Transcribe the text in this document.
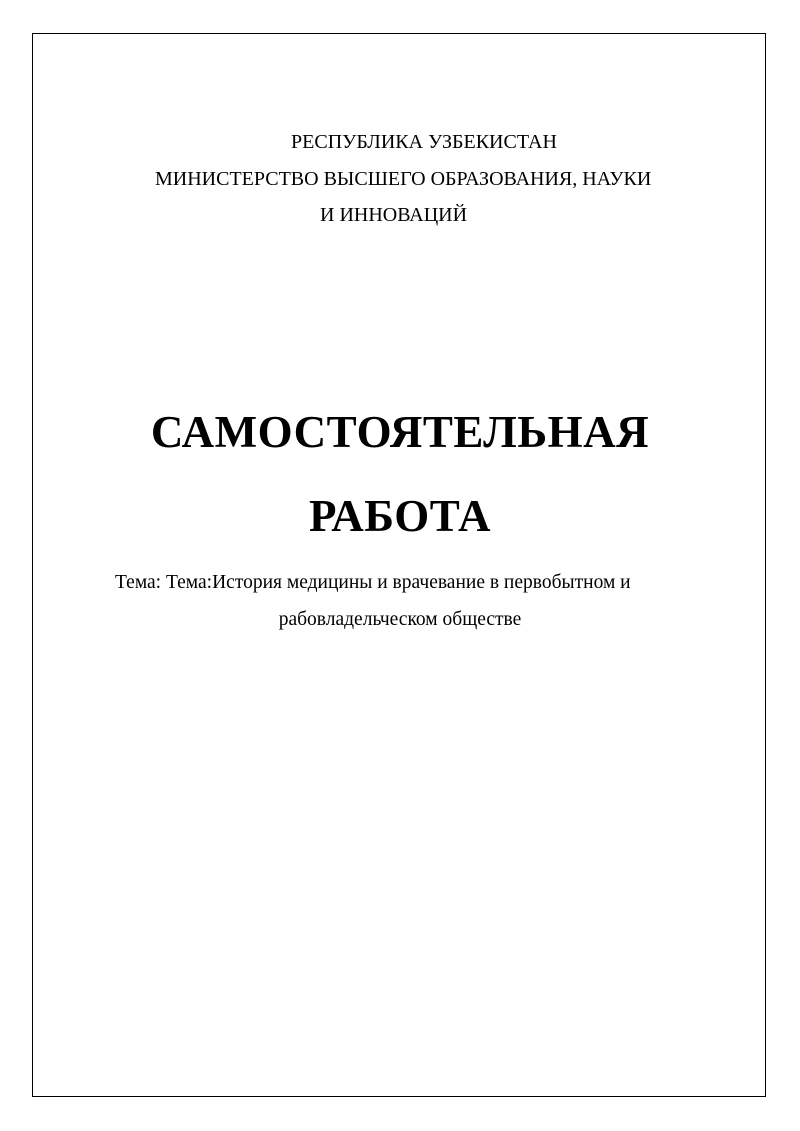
РЕСПУБЛИКА УЗБЕКИСТАН

МИНИСТЕРСТВО ВЫСШЕГО ОБРАЗОВАНИЯ, НАУКИ

И ИННОВАЦИЙ

САМОСТОЯТЕЛЬНАЯ

РАБОТА

Тема: Тема:История медицины и врачевание в первобытном и

рабовладельческом обществе
